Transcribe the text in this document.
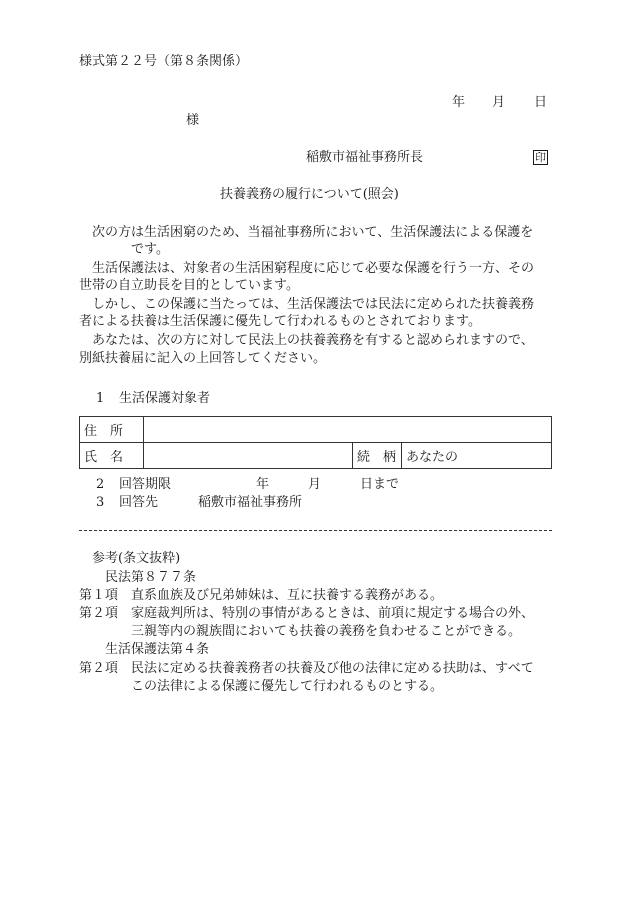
様式第２２号（第８条関係）
年 月 日
様
稲敷市福祉事務所長	印
扶養義務の履行について(照会)
次の方は生活困窮のため、当福祉事務所において、生活保護法による保護を
です。
生活保護法は、対象者の生活困窮程度に応じて必要な保護を行う一方、その
世帯の自立助長を目的としています。
しかし、この保護に当たっては、生活保護法では民法に定められた扶養義務
者による扶養は生活保護に優先して行われるものとされております。
あなたは、次の方に対して民法上の扶養義務を有すると認められますので、
別紙扶養届に記入の上回答してください。
1 生活保護対象者
住　所			
氏　名		続　柄	あなたの
2 回答期限	年	月	日まで
3 回答先	稲敷市福祉事務所
参考(条文抜粋)
民法第８７７条
第１項 直系血族及び兄弟姉妹は、互に扶養する義務がある。
第２項 家庭裁判所は、特別の事情があるときは、前項に規定する場合の外、
三親等内の親族間においても扶養の義務を負わせることができる。
生活保護法第４条
第２項 民法に定める扶養義務者の扶養及び他の法律に定める扶助は、すべて
この法律による保護に優先して行われるものとする。
